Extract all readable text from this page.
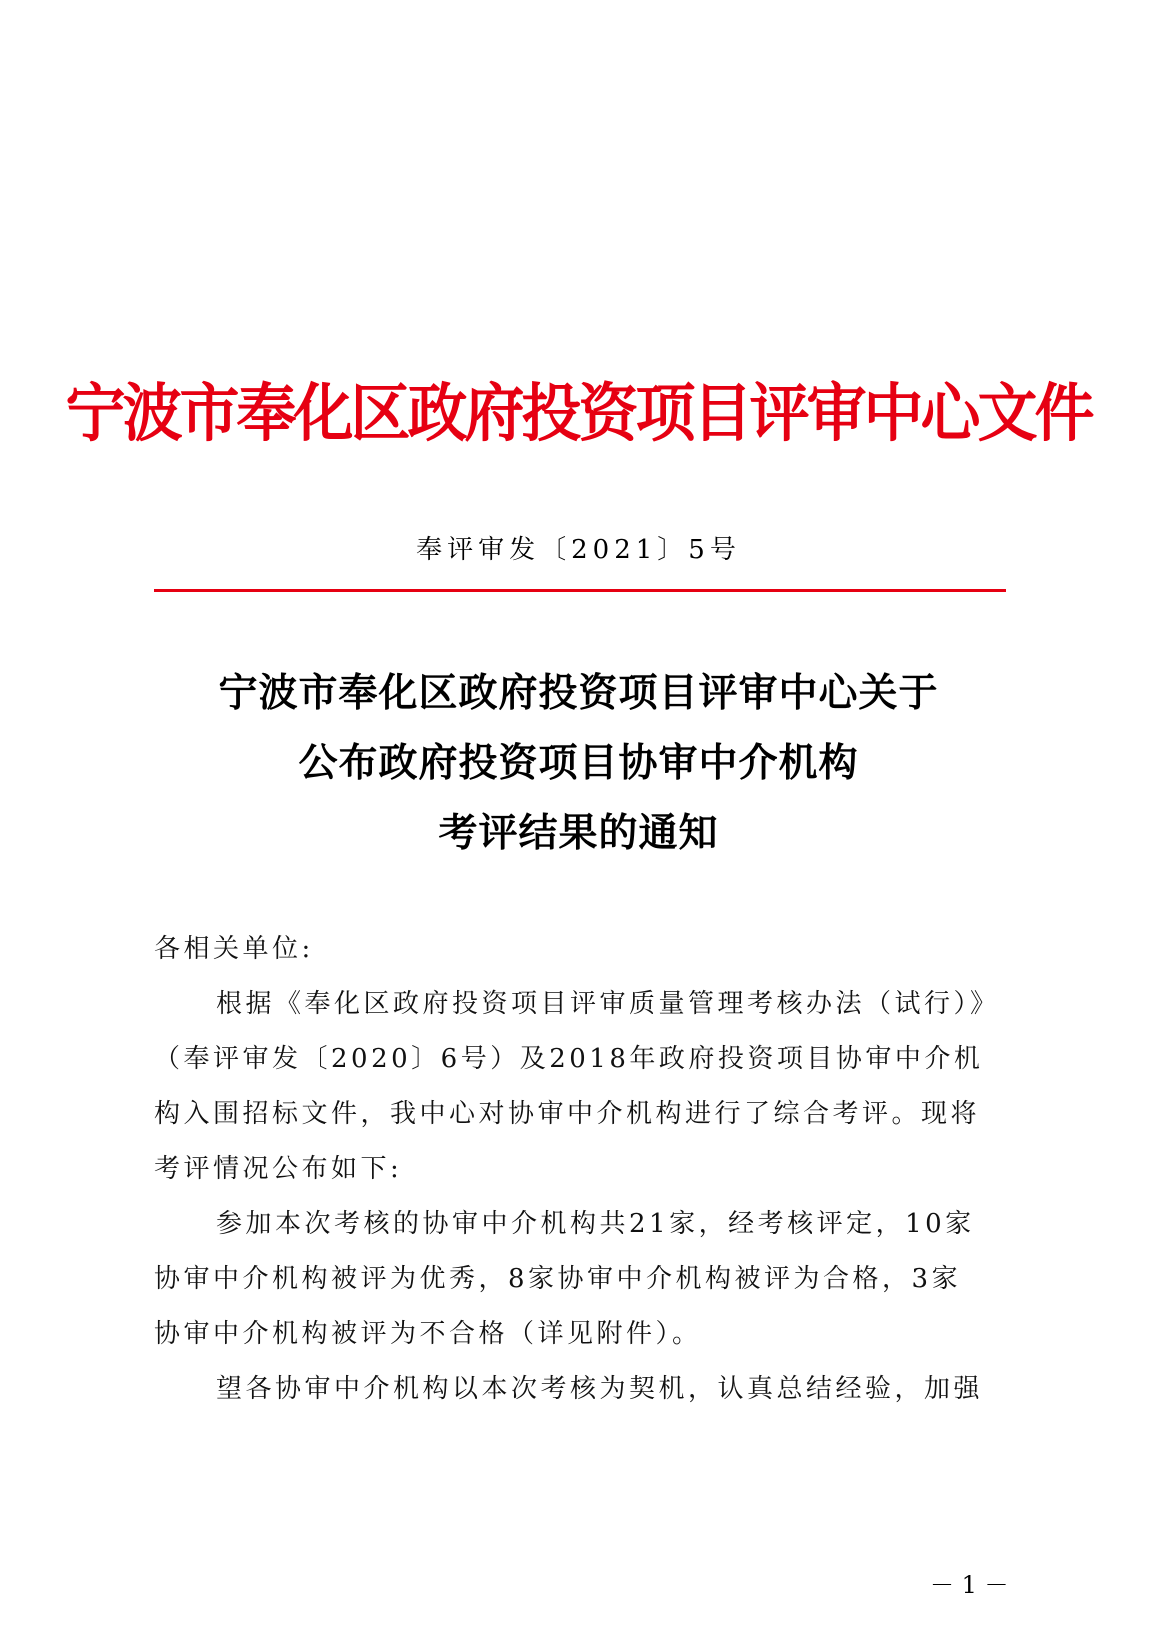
宁波市奉化区政府投资项目评审中心文件
奉评审发〔2021〕5号
宁波市奉化区政府投资项目评审中心关于
公布政府投资项目协审中介机构
考评结果的通知
各相关单位:
根据《奉化区政府投资项目评审质量管理考核办法（试行）》
（奉评审发〔2020〕6号）及2018年政府投资项目协审中介机
构入围招标文件，我中心对协审中介机构进行了综合考评。现将
考评情况公布如下:
参加本次考核的协审中介机构共21家，经考核评定，10家
协审中介机构被评为优秀，8家协审中介机构被评为合格，3家
协审中介机构被评为不合格（详见附件）。
望各协审中介机构以本次考核为契机，认真总结经验，加强
－ 1 －
